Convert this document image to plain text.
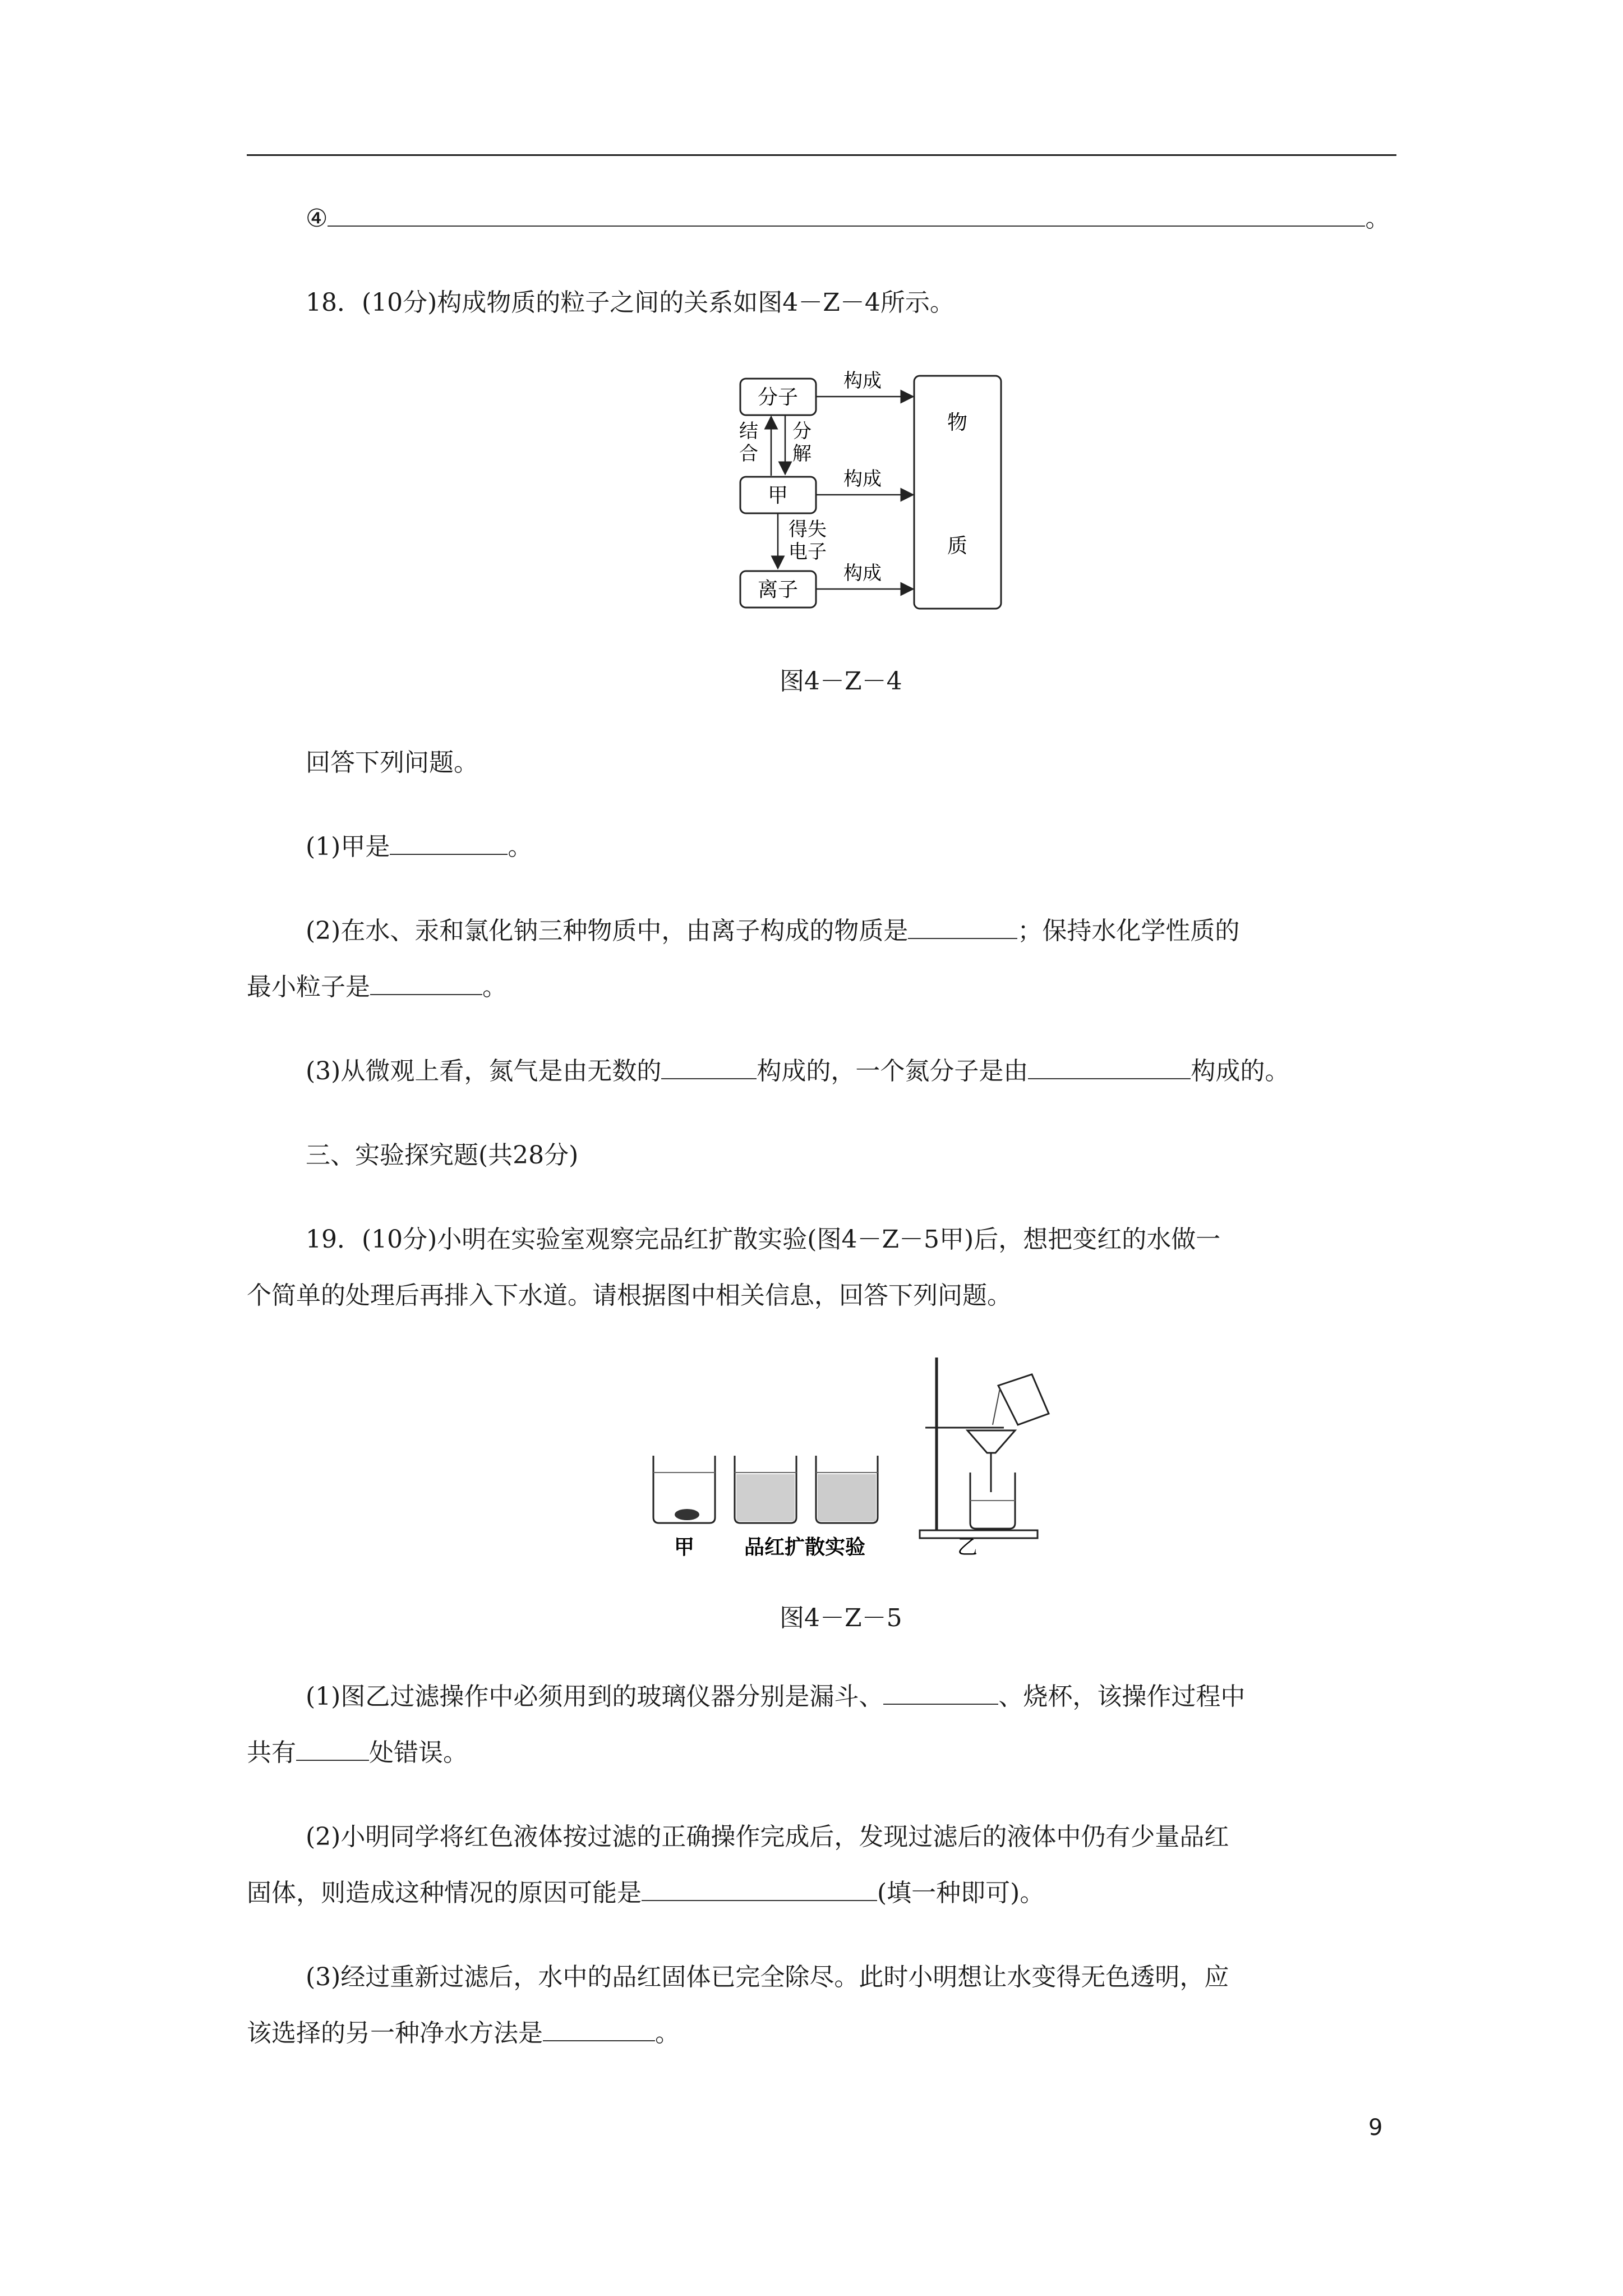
④	。
18．(10分)构成物质的粒子之间的关系如图4－Z－4所示。
分子
甲
离子
物
质
构成
构成
构成
结
合
分
解
得失
电子
图4－Z－4
回答下列问题。
(1)甲是	。
(2)在水、汞和氯化钠三种物质中，由离子构成的物质是	；保持水化学性质的
最小粒子是	。
(3)从微观上看，氮气是由无数的	构成的，一个氮分子是由	构成的。
三、实验探究题(共28分)
19．(10分)小明在实验室观察完品红扩散实验(图4－Z－5甲)后，想把变红的水做一
个简单的处理后再排入下水道。请根据图中相关信息，回答下列问题。
甲 品红扩散实验	乙
图4－Z－5
(1)图乙过滤操作中必须用到的玻璃仪器分别是漏斗、	、烧杯，该操作过程中
共有	处错误。
(2)小明同学将红色液体按过滤的正确操作完成后，发现过滤后的液体中仍有少量品红
固体，则造成这种情况的原因可能是	(填一种即可)。
(3)经过重新过滤后，水中的品红固体已完全除尽。此时小明想让水变得无色透明，应
该选择的另一种净水方法是	。
9
